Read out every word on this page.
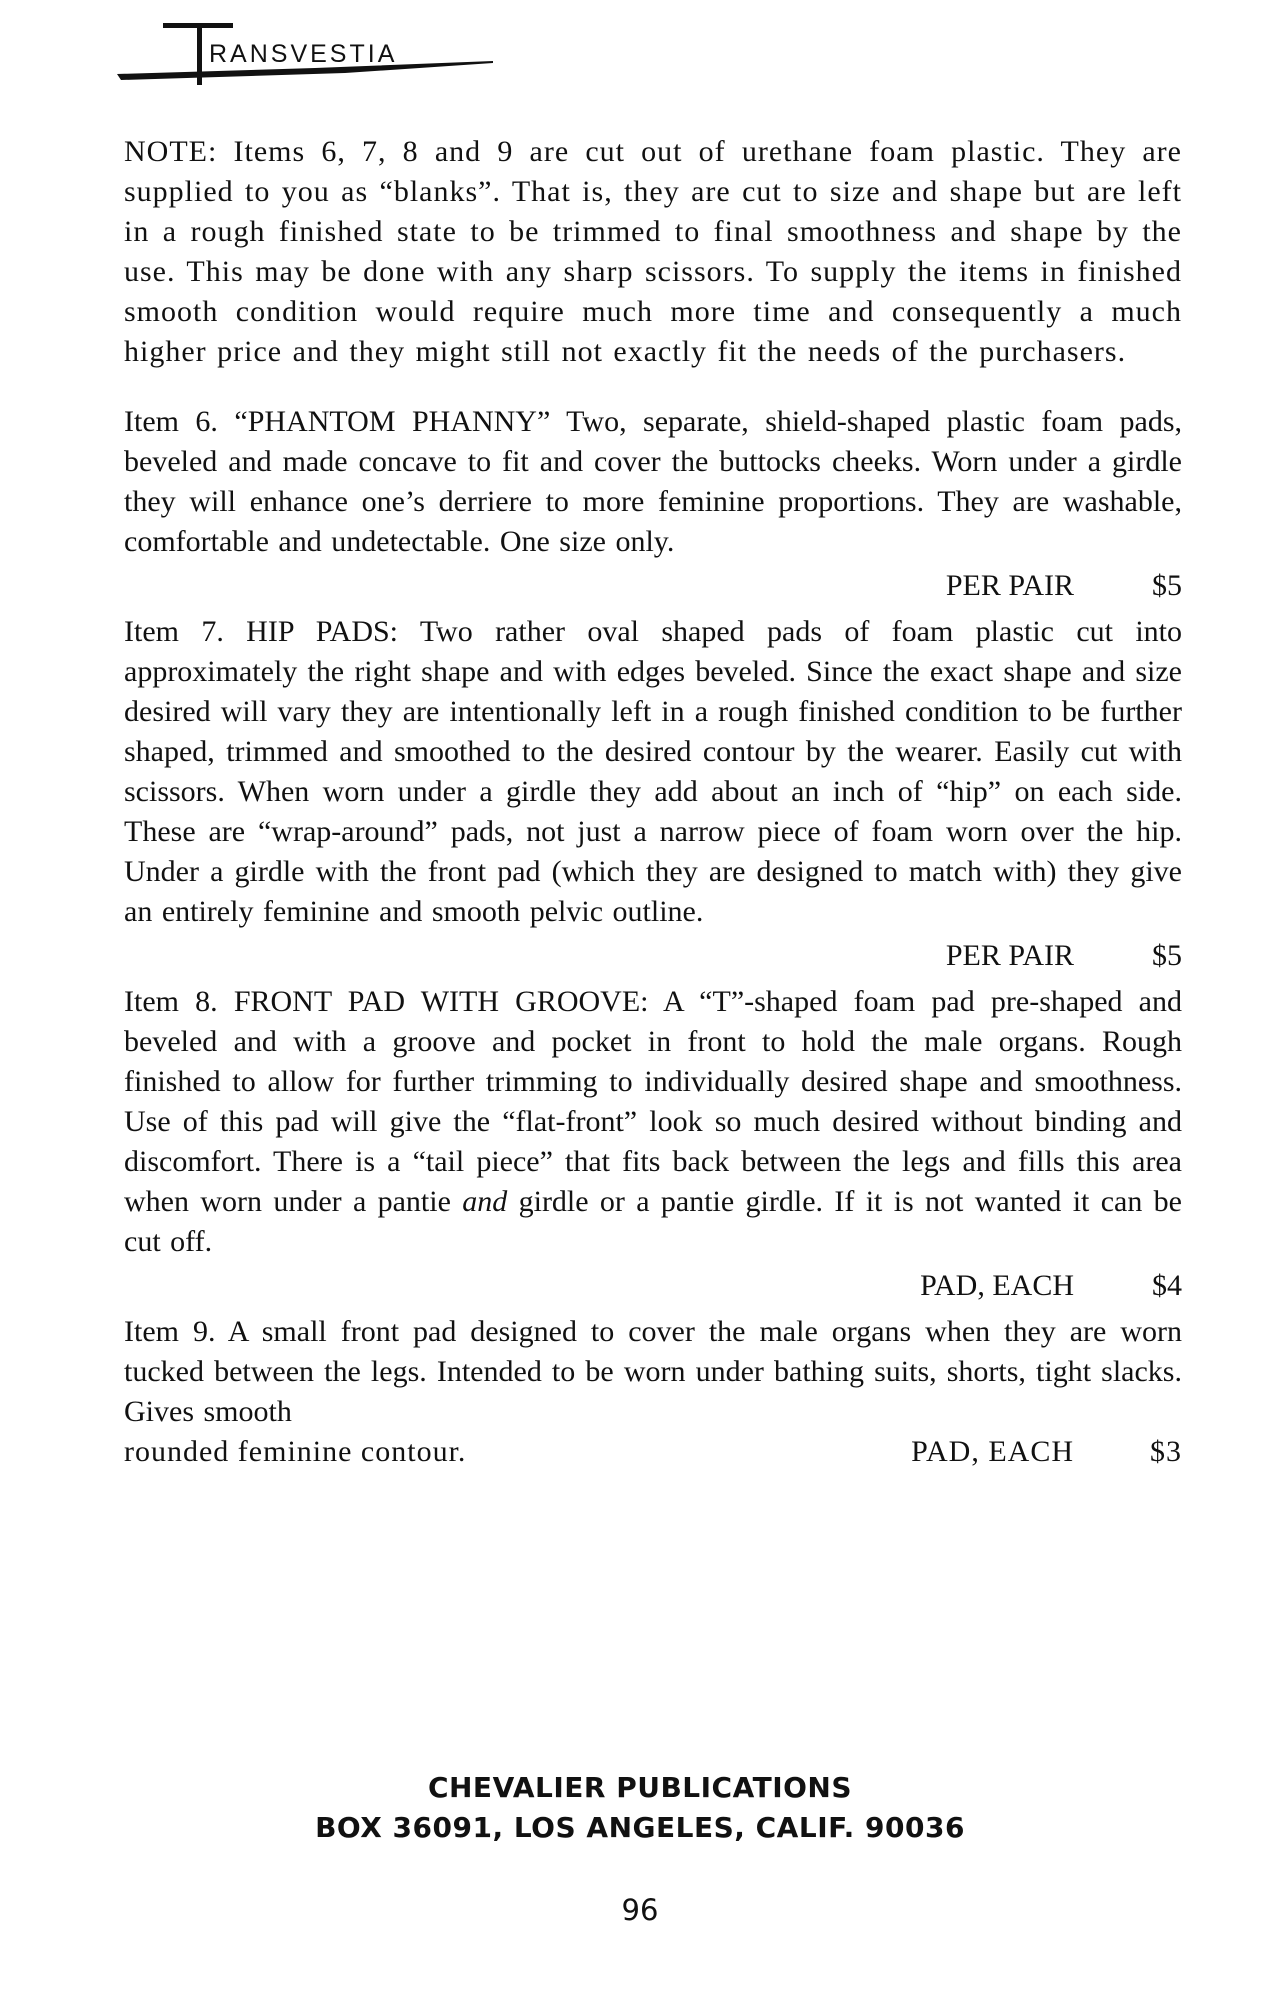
RANSVESTIA

NOTE: Items 6, 7, 8 and 9 are cut out of urethane foam plastic. They are supplied to you as “blanks”. That is, they are cut to size and shape but are left in a rough finished state to be trimmed to final smoothness and shape by the use. This may be done with any sharp scissors. To supply the items in finished smooth condition would require much more time and consequently a much higher price and they might still not exactly fit the needs of the purchasers.

Item 6. “PHANTOM PHANNY” Two, separate, shield-shaped plastic foam pads, beveled and made concave to fit and cover the buttocks cheeks. Worn under a girdle they will enhance one’s derriere to more feminine proportions. They are washable, comfortable and undetectable. One size only.

PER PAIR	$5

Item 7. HIP PADS: Two rather oval shaped pads of foam plastic cut into approximately the right shape and with edges beveled. Since the exact shape and size desired will vary they are intentionally left in a rough finished condition to be further shaped, trimmed and smoothed to the desired contour by the wearer. Easily cut with scissors. When worn under a girdle they add about an inch of “hip” on each side. These are “wrap-around” pads, not just a narrow piece of foam worn over the hip. Under a girdle with the front pad (which they are designed to match with) they give an entirely feminine and smooth pelvic outline.

PER PAIR	$5

Item 8. FRONT PAD WITH GROOVE: A “T”-shaped foam pad pre-shaped and beveled and with a groove and pocket in front to hold the male organs. Rough finished to allow for further trimming to individually desired shape and smoothness. Use of this pad will give the “flat-front” look so much desired without binding and discomfort. There is a “tail piece” that fits back between the legs and fills this area when worn under a pantie and girdle or a pantie girdle. If it is not wanted it can be cut off.

PAD, EACH	$4

Item 9. A small front pad designed to cover the male organs when they are worn tucked between the legs. Intended to be worn under bathing suits, shorts, tight slacks. Gives smooth

rounded feminine contour.	PAD, EACH	$3
CHEVALIER PUBLICATIONS
BOX 36091, LOS ANGELES, CALIF. 90036
96
